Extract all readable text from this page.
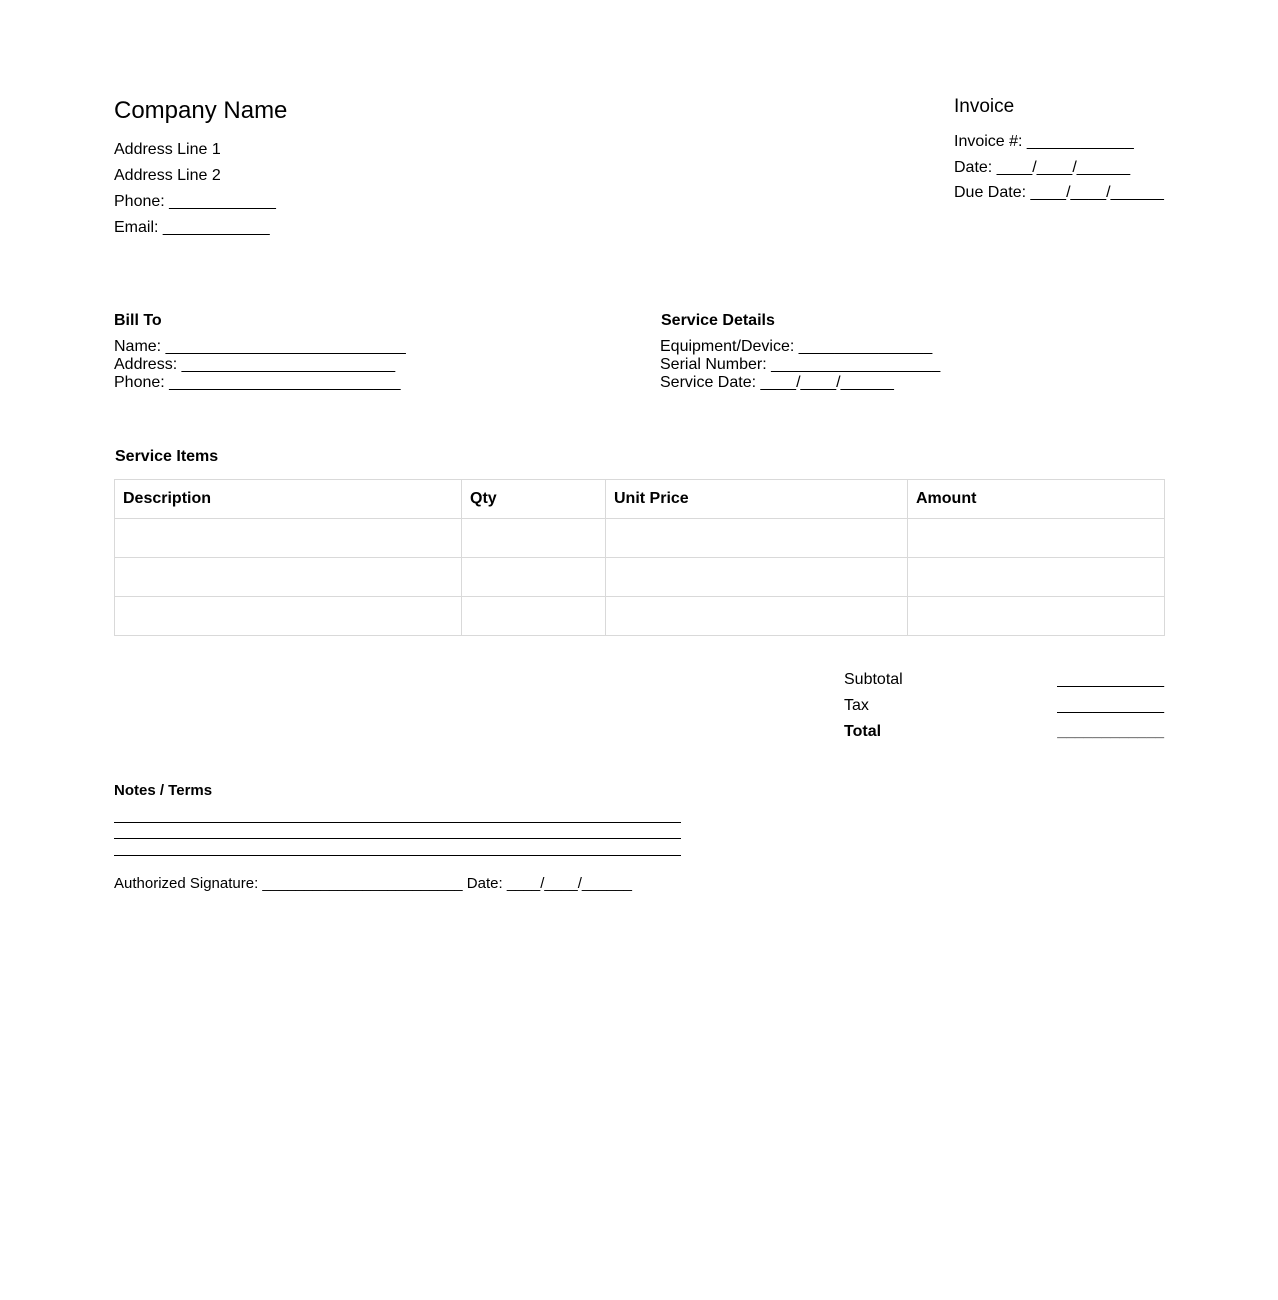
Company Name
Address Line 1
Address Line 2
Phone: ____________
Email: ____________
Invoice
Invoice #: ____________
Date: ____/____/______
Due Date: ____/____/______
Bill To
Name: ___________________________
Address: ________________________
Phone: __________________________
Service Details
Equipment/Device: _______________
Serial Number: ___________________
Service Date: ____/____/______
Service Items
Description	Qty	Unit Price	Amount

Subtotal	____________
Tax	____________
Total	____________
Notes / Terms
Authorized Signature: ________________________ Date: ____/____/______
